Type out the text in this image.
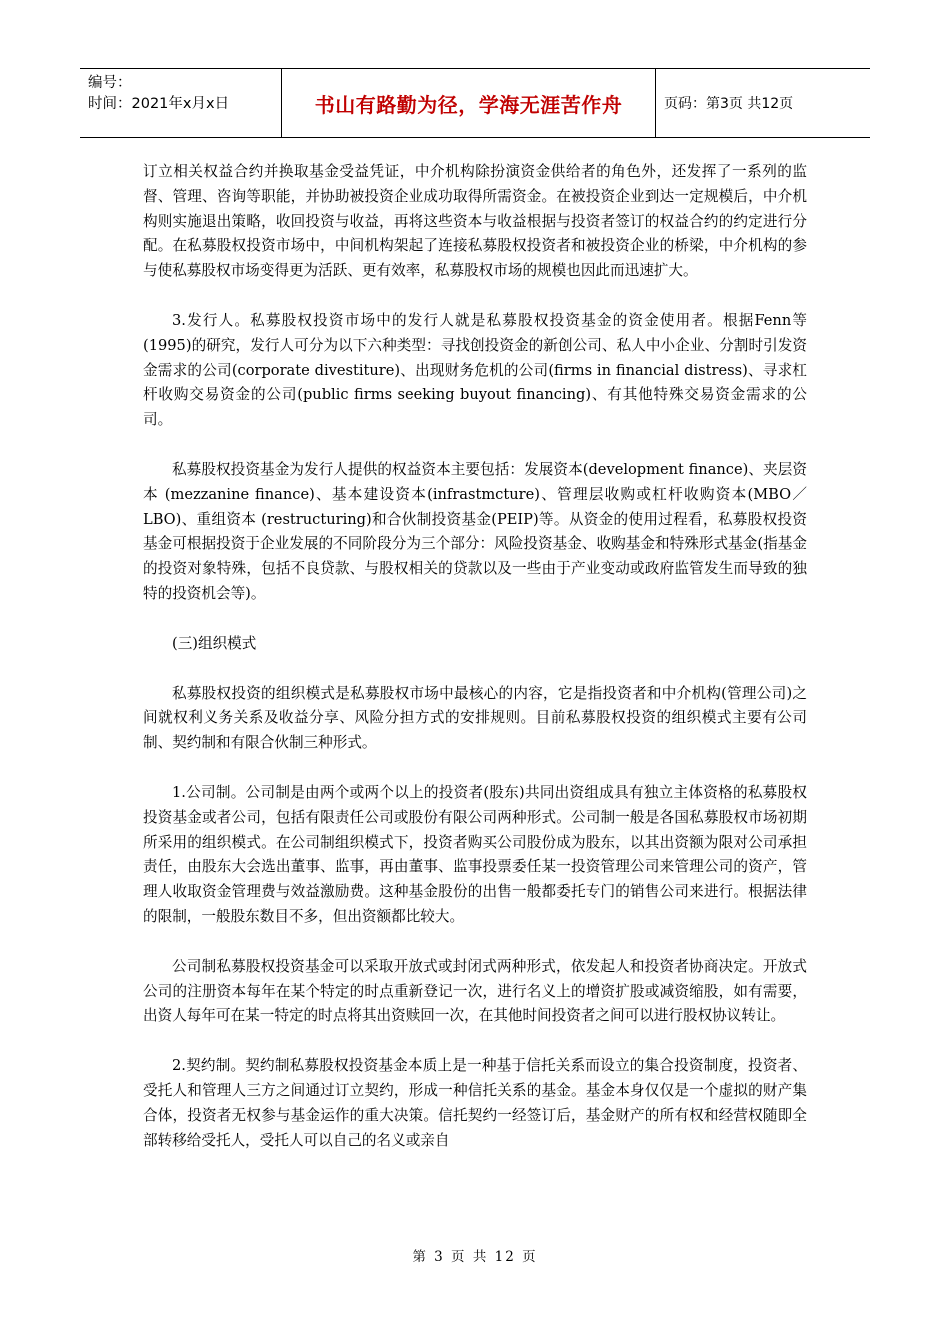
编号：
时间：2021年x月x日	书山有路勤为径，学海无涯苦作舟	页码：第3页 共12页

订立相关权益合约并换取基金受益凭证，中介机构除扮演资金供给者的角色外，还发挥了一系列的监督、管理、咨询等职能，并协助被投资企业成功取得所需资金。在被投资企业到达一定规模后，中介机构则实施退出策略，收回投资与收益，再将这些资本与收益根据与投资者签订的权益合约的约定进行分配。在私募股权投资市场中，中间机构架起了连接私募股权投资者和被投资企业的桥梁，中介机构的参与使私募股权市场变得更为活跃、更有效率，私募股权市场的规模也因此而迅速扩大。

3.发行人。私募股权投资市场中的发行人就是私募股权投资基金的资金使用者。根据Fenn等 (1995)的研究，发行人可分为以下六种类型：寻找创投资金的新创公司、私人中小企业、分割时引发资金需求的公司(corporate divestiture)、出现财务危机的公司(firms in financial distress)、寻求杠杆收购交易资金的公司(public firms seeking buyout financing)、有其他特殊交易资金需求的公司。

私募股权投资基金为发行人提供的权益资本主要包括：发展资本(development finance)、夹层资本 (mezzanine finance)、基本建设资本(infrastmcture)、管理层收购或杠杆收购资本(MBO／LBO)、重组资本 (restructuring)和合伙制投资基金(PEIP)等。从资金的使用过程看，私募股权投资基金可根据投资于企业发展的不同阶段分为三个部分：风险投资基金、收购基金和特殊形式基金(指基金的投资对象特殊，包括不良贷款、与股权相关的贷款以及一些由于产业变动或政府监管发生而导致的独特的投资机会等)。

(三)组织模式

私募股权投资的组织模式是私募股权市场中最核心的内容，它是指投资者和中介机构(管理公司)之间就权利义务关系及收益分享、风险分担方式的安排规则。目前私募股权投资的组织模式主要有公司制、契约制和有限合伙制三种形式。

1.公司制。公司制是由两个或两个以上的投资者(股东)共同出资组成具有独立主体资格的私募股权投资基金或者公司，包括有限责任公司或股份有限公司两种形式。公司制一般是各国私募股权市场初期所采用的组织模式。在公司制组织模式下，投资者购买公司股份成为股东，以其出资额为限对公司承担责任，由股东大会选出董事、监事，再由董事、监事投票委任某一投资管理公司来管理公司的资产，管理人收取资金管理费与效益激励费。这种基金股份的出售一般都委托专门的销售公司来进行。根据法律的限制，一般股东数目不多，但出资额都比较大。

公司制私募股权投资基金可以采取开放式或封闭式两种形式，依发起人和投资者协商决定。开放式公司的注册资本每年在某个特定的时点重新登记一次，进行名义上的增资扩股或减资缩股，如有需要，出资人每年可在某一特定的时点将其出资赎回一次，在其他时间投资者之间可以进行股权协议转让。

2.契约制。契约制私募股权投资基金本质上是一种基于信托关系而设立的集合投资制度，投资者、受托人和管理人三方之间通过订立契约，形成一种信托关系的基金。基金本身仅仅是一个虚拟的财产集合体，投资者无权参与基金运作的重大决策。信托契约一经签订后，基金财产的所有权和经营权随即全部转移给受托人，受托人可以自己的名义或亲自

第 3 页 共 12 页
